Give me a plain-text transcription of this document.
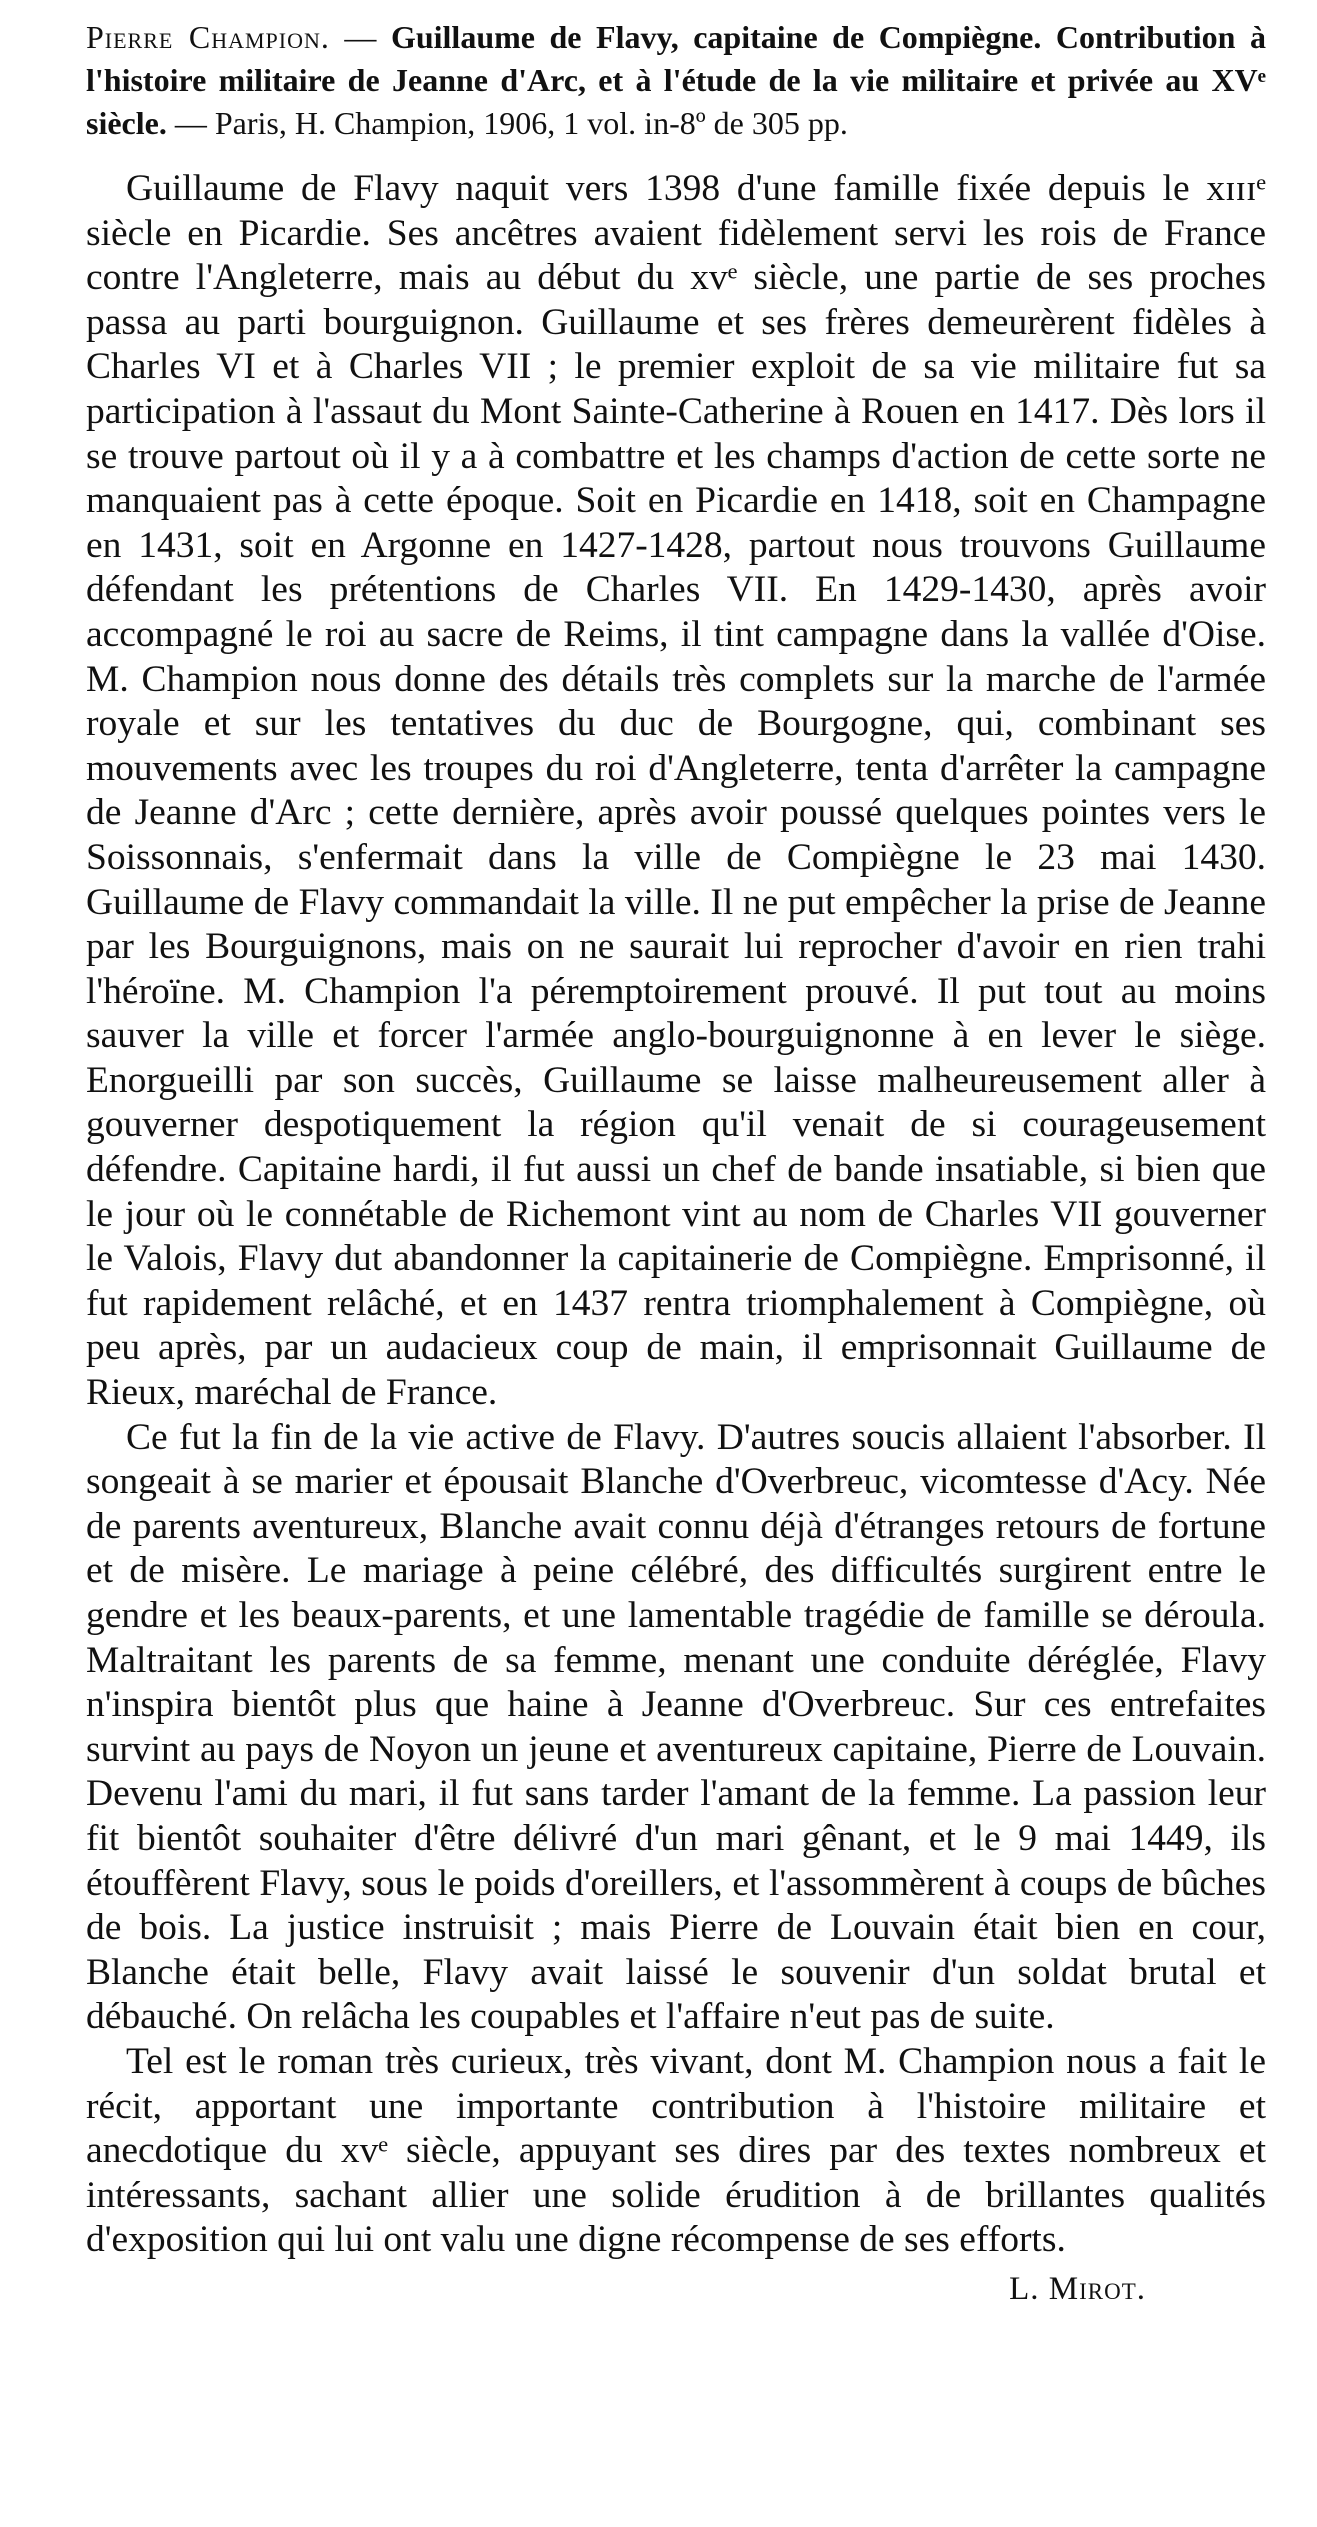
Pierre Champion. — Guillaume de Flavy, capitaine de Compiègne. Contribution à l'histoire militaire de Jeanne d'Arc, et à l'étude de la vie militaire et privée au XVᵉ siècle. — Paris, H. Champion, 1906, 1 vol. in-8º de 305 pp.

Guillaume de Flavy naquit vers 1398 d'une famille fixée depuis le xɪɪɪᵉ siècle en Picardie. Ses ancêtres avaient fidèlement servi les rois de France contre l'Angleterre, mais au début du xvᵉ siècle, une partie de ses proches passa au parti bourguignon. Guillaume et ses frères demeurèrent fidèles à Charles VI et à Charles VII ; le premier exploit de sa vie militaire fut sa participation à l'assaut du Mont Sainte-Catherine à Rouen en 1417. Dès lors il se trouve partout où il y a à combattre et les champs d'action de cette sorte ne manquaient pas à cette époque. Soit en Picardie en 1418, soit en Champagne en 1431, soit en Argonne en 1427-1428, partout nous trouvons Guillaume défendant les prétentions de Charles VII. En 1429-1430, après avoir accompagné le roi au sacre de Reims, il tint campagne dans la vallée d'Oise. M. Champion nous donne des détails très complets sur la marche de l'armée royale et sur les tentatives du duc de Bourgogne, qui, combinant ses mouvements avec les troupes du roi d'Angleterre, tenta d'arrêter la campagne de Jeanne d'Arc ; cette dernière, après avoir poussé quelques pointes vers le Soissonnais, s'enfermait dans la ville de Compiègne le 23 mai 1430. Guillaume de Flavy commandait la ville. Il ne put empêcher la prise de Jeanne par les Bourguignons, mais on ne saurait lui reprocher d'avoir en rien trahi l'héroïne. M. Champion l'a péremptoirement prouvé. Il put tout au moins sauver la ville et forcer l'armée anglo-bourguignonne à en lever le siège. Enorgueilli par son succès, Guillaume se laisse malheureusement aller à gouverner despotiquement la région qu'il venait de si courageusement défendre. Capitaine hardi, il fut aussi un chef de bande insatiable, si bien que le jour où le connétable de Richemont vint au nom de Charles VII gouverner le Valois, Flavy dut abandonner la capitainerie de Compiègne. Emprisonné, il fut rapidement relâché, et en 1437 rentra triomphalement à Compiègne, où peu après, par un audacieux coup de main, il emprisonnait Guillaume de Rieux, maréchal de France.

Ce fut la fin de la vie active de Flavy. D'autres soucis allaient l'absorber. Il songeait à se marier et épousait Blanche d'Overbreuc, vicomtesse d'Acy. Née de parents aventureux, Blanche avait connu déjà d'étranges retours de fortune et de misère. Le mariage à peine célébré, des difficultés surgirent entre le gendre et les beaux-parents, et une lamentable tragédie de famille se déroula. Maltraitant les parents de sa femme, menant une conduite déréglée, Flavy n'inspira bientôt plus que haine à Jeanne d'Overbreuc. Sur ces entrefaites survint au pays de Noyon un jeune et aventureux capitaine, Pierre de Louvain. Devenu l'ami du mari, il fut sans tarder l'amant de la femme. La passion leur fit bientôt souhaiter d'être délivré d'un mari gênant, et le 9 mai 1449, ils étouffèrent Flavy, sous le poids d'oreillers, et l'assommèrent à coups de bûches de bois. La justice instruisit ; mais Pierre de Louvain était bien en cour, Blanche était belle, Flavy avait laissé le souvenir d'un soldat brutal et débauché. On relâcha les coupables et l'affaire n'eut pas de suite.

Tel est le roman très curieux, très vivant, dont M. Champion nous a fait le récit, apportant une importante contribution à l'histoire militaire et anecdotique du xvᵉ siècle, appuyant ses dires par des textes nombreux et intéressants, sachant allier une solide érudition à de brillantes qualités d'exposition qui lui ont valu une digne récompense de ses efforts.

L. Mirot.
